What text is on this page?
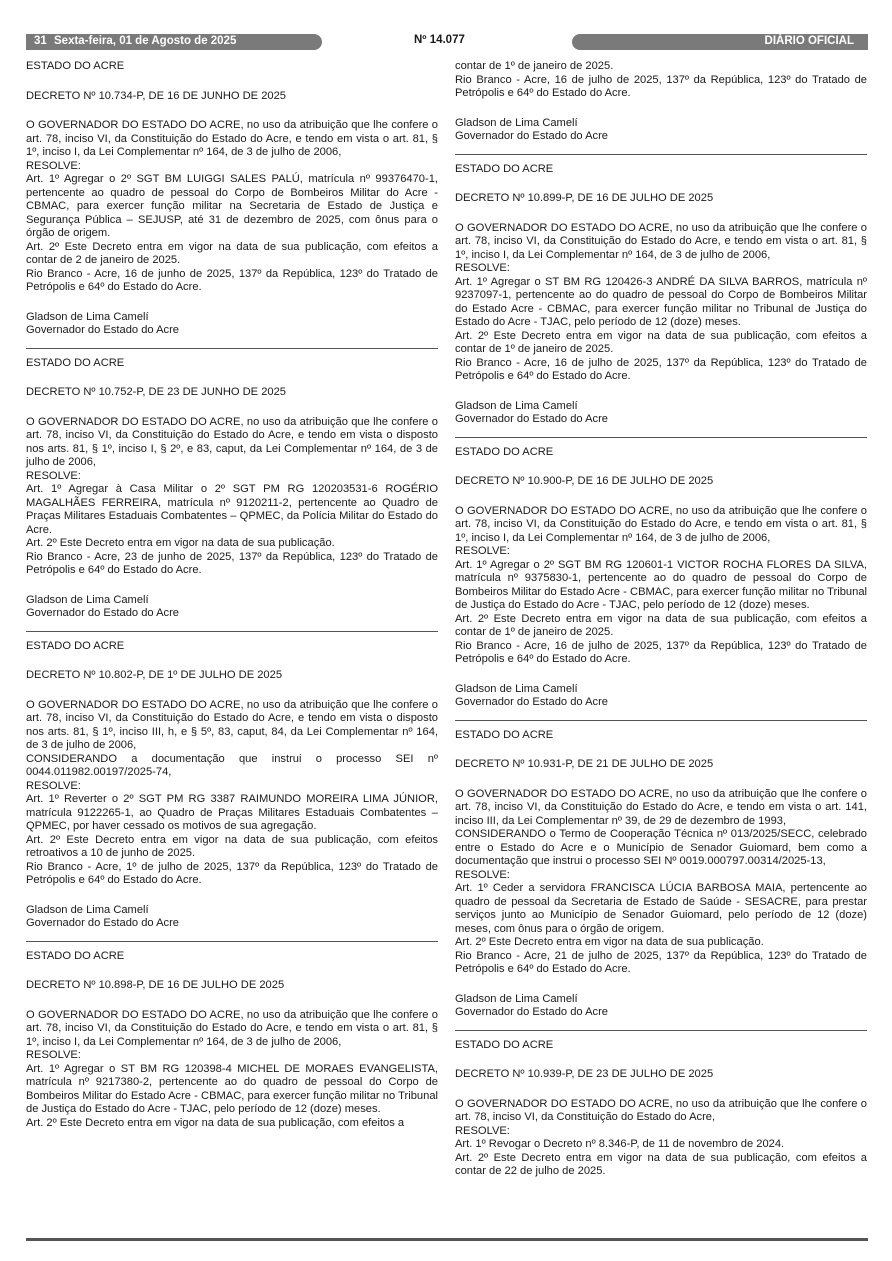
31 Sexta-feira, 01 de Agosto de 2025	Nº 14.077	DIÁRIO OFICIAL

ESTADO DO ACRE

DECRETO Nº 10.734-P, DE 16 DE JUNHO DE 2025

O GOVERNADOR DO ESTADO DO ACRE, no uso da atribuição que lhe confere o art. 78, inciso VI, da Constituição do Estado do Acre, e tendo em vista o art. 81, § 1º, inciso I, da Lei Complementar nº 164, de 3 de julho de 2006,

RESOLVE:

Art. 1º Agregar o 2º SGT BM LUIGGI SALES PALÚ, matrícula nº 99376470-1, pertencente ao quadro de pessoal do Corpo de Bombeiros Militar do Acre - CBMAC, para exercer função militar na Secretaria de Estado de Justiça e Segurança Pública – SEJUSP, até 31 de dezembro de 2025, com ônus para o órgão de origem.

Art. 2º Este Decreto entra em vigor na data de sua publicação, com efeitos a contar de 2 de janeiro de 2025.

Rio Branco - Acre, 16 de junho de 2025, 137º da República, 123º do Tratado de Petrópolis e 64º do Estado do Acre.

Gladson de Lima Camelí

Governador do Estado do Acre

ESTADO DO ACRE

DECRETO Nº 10.752-P, DE 23 DE JUNHO DE 2025

O GOVERNADOR DO ESTADO DO ACRE, no uso da atribuição que lhe confere o art. 78, inciso VI, da Constituição do Estado do Acre, e tendo em vista o disposto nos arts. 81, § 1º, inciso I, § 2º, e 83, caput, da Lei Complementar nº 164, de 3 de julho de 2006,

RESOLVE:

Art. 1º Agregar à Casa Militar o 2º SGT PM RG 120203531-6 ROGÉRIO MAGALHÃES FERREIRA, matrícula nº 9120211-2, pertencente ao Quadro de Praças Militares Estaduais Combatentes – QPMEC, da Polícia Militar do Estado do Acre.

Art. 2º Este Decreto entra em vigor na data de sua publicação.

Rio Branco - Acre, 23 de junho de 2025, 137º da República, 123º do Tratado de Petrópolis e 64º do Estado do Acre.

Gladson de Lima Camelí

Governador do Estado do Acre

ESTADO DO ACRE

DECRETO Nº 10.802-P, DE 1º DE JULHO DE 2025

O GOVERNADOR DO ESTADO DO ACRE, no uso da atribuição que lhe confere o art. 78, inciso VI, da Constituição do Estado do Acre, e tendo em vista o disposto nos arts. 81, § 1º, inciso III, h, e § 5º, 83, caput, 84, da Lei Complementar nº 164, de 3 de julho de 2006,

CONSIDERANDO a documentação que instrui o processo SEI nº 0044.011982.00197/2025-74,

RESOLVE:

Art. 1º Reverter o 2º SGT PM RG 3387 RAIMUNDO MOREIRA LIMA JÚNIOR, matrícula 9122265-1, ao Quadro de Praças Militares Estaduais Combatentes – QPMEC, por haver cessado os motivos de sua agregação.

Art. 2º Este Decreto entra em vigor na data de sua publicação, com efeitos retroativos a 10 de junho de 2025.

Rio Branco - Acre, 1º de julho de 2025, 137º da República, 123º do Tratado de Petrópolis e 64º do Estado do Acre.

Gladson de Lima Camelí

Governador do Estado do Acre

ESTADO DO ACRE

DECRETO Nº 10.898-P, DE 16 DE JULHO DE 2025

O GOVERNADOR DO ESTADO DO ACRE, no uso da atribuição que lhe confere o art. 78, inciso VI, da Constituição do Estado do Acre, e tendo em vista o art. 81, § 1º, inciso I, da Lei Complementar nº 164, de 3 de julho de 2006,

RESOLVE:

Art. 1º Agregar o ST BM RG 120398-4 MICHEL DE MORAES EVANGELISTA, matrícula nº 9217380-2, pertencente ao do quadro de pessoal do Corpo de Bombeiros Militar do Estado Acre - CBMAC, para exercer função militar no Tribunal de Justiça do Estado do Acre - TJAC, pelo período de 12 (doze) meses.

Art. 2º Este Decreto entra em vigor na data de sua publicação, com efeitos a

contar de 1º de janeiro de 2025.

Rio Branco - Acre, 16 de julho de 2025, 137º da República, 123º do Tratado de Petrópolis e 64º do Estado do Acre.

Gladson de Lima Camelí

Governador do Estado do Acre

ESTADO DO ACRE

DECRETO Nº 10.899-P, DE 16 DE JULHO DE 2025

O GOVERNADOR DO ESTADO DO ACRE, no uso da atribuição que lhe confere o art. 78, inciso VI, da Constituição do Estado do Acre, e tendo em vista o art. 81, § 1º, inciso I, da Lei Complementar nº 164, de 3 de julho de 2006,

RESOLVE:

Art. 1º Agregar o ST BM RG 120426-3 ANDRÉ DA SILVA BARROS, matrícula nº 9237097-1, pertencente ao do quadro de pessoal do Corpo de Bombeiros Militar do Estado Acre - CBMAC, para exercer função militar no Tribunal de Justiça do Estado do Acre - TJAC, pelo período de 12 (doze) meses.

Art. 2º Este Decreto entra em vigor na data de sua publicação, com efeitos a contar de 1º de janeiro de 2025.

Rio Branco - Acre, 16 de julho de 2025, 137º da República, 123º do Tratado de Petrópolis e 64º do Estado do Acre.

Gladson de Lima Camelí

Governador do Estado do Acre

ESTADO DO ACRE

DECRETO Nº 10.900-P, DE 16 DE JULHO DE 2025

O GOVERNADOR DO ESTADO DO ACRE, no uso da atribuição que lhe confere o art. 78, inciso VI, da Constituição do Estado do Acre, e tendo em vista o art. 81, § 1º, inciso I, da Lei Complementar nº 164, de 3 de julho de 2006,

RESOLVE:

Art. 1º Agregar o 2º SGT BM RG 120601-1 VICTOR ROCHA FLORES DA SILVA, matrícula nº 9375830-1, pertencente ao do quadro de pessoal do Corpo de Bombeiros Militar do Estado Acre - CBMAC, para exercer função militar no Tribunal de Justiça do Estado do Acre - TJAC, pelo período de 12 (doze) meses.

Art. 2º Este Decreto entra em vigor na data de sua publicação, com efeitos a contar de 1º de janeiro de 2025.

Rio Branco - Acre, 16 de julho de 2025, 137º da República, 123º do Tratado de Petrópolis e 64º do Estado do Acre.

Gladson de Lima Camelí

Governador do Estado do Acre

ESTADO DO ACRE

DECRETO Nº 10.931-P, DE 21 DE JULHO DE 2025

O GOVERNADOR DO ESTADO DO ACRE, no uso da atribuição que lhe confere o art. 78, inciso VI, da Constituição do Estado do Acre, e tendo em vista o art. 141, inciso III, da Lei Complementar nº 39, de 29 de dezembro de 1993,

CONSIDERANDO o Termo de Cooperação Técnica nº 013/2025/SECC, celebrado entre o Estado do Acre e o Município de Senador Guiomard, bem como a documentação que instrui o processo SEI Nº 0019.000797.00314/2025-13,

RESOLVE:

Art. 1º Ceder a servidora FRANCISCA LÚCIA BARBOSA MAIA, pertencente ao quadro de pessoal da Secretaria de Estado de Saúde - SESACRE, para prestar serviços junto ao Município de Senador Guiomard, pelo período de 12 (doze) meses, com ônus para o órgão de origem.

Art. 2º Este Decreto entra em vigor na data de sua publicação.

Rio Branco - Acre, 21 de julho de 2025, 137º da República, 123º do Tratado de Petrópolis e 64º do Estado do Acre.

Gladson de Lima Camelí

Governador do Estado do Acre

ESTADO DO ACRE

DECRETO Nº 10.939-P, DE 23 DE JULHO DE 2025

O GOVERNADOR DO ESTADO DO ACRE, no uso da atribuição que lhe confere o art. 78, inciso VI, da Constituição do Estado do Acre,

RESOLVE:

Art. 1º Revogar o Decreto nº 8.346-P, de 11 de novembro de 2024.

Art. 2º Este Decreto entra em vigor na data de sua publicação, com efeitos a contar de 22 de julho de 2025.
